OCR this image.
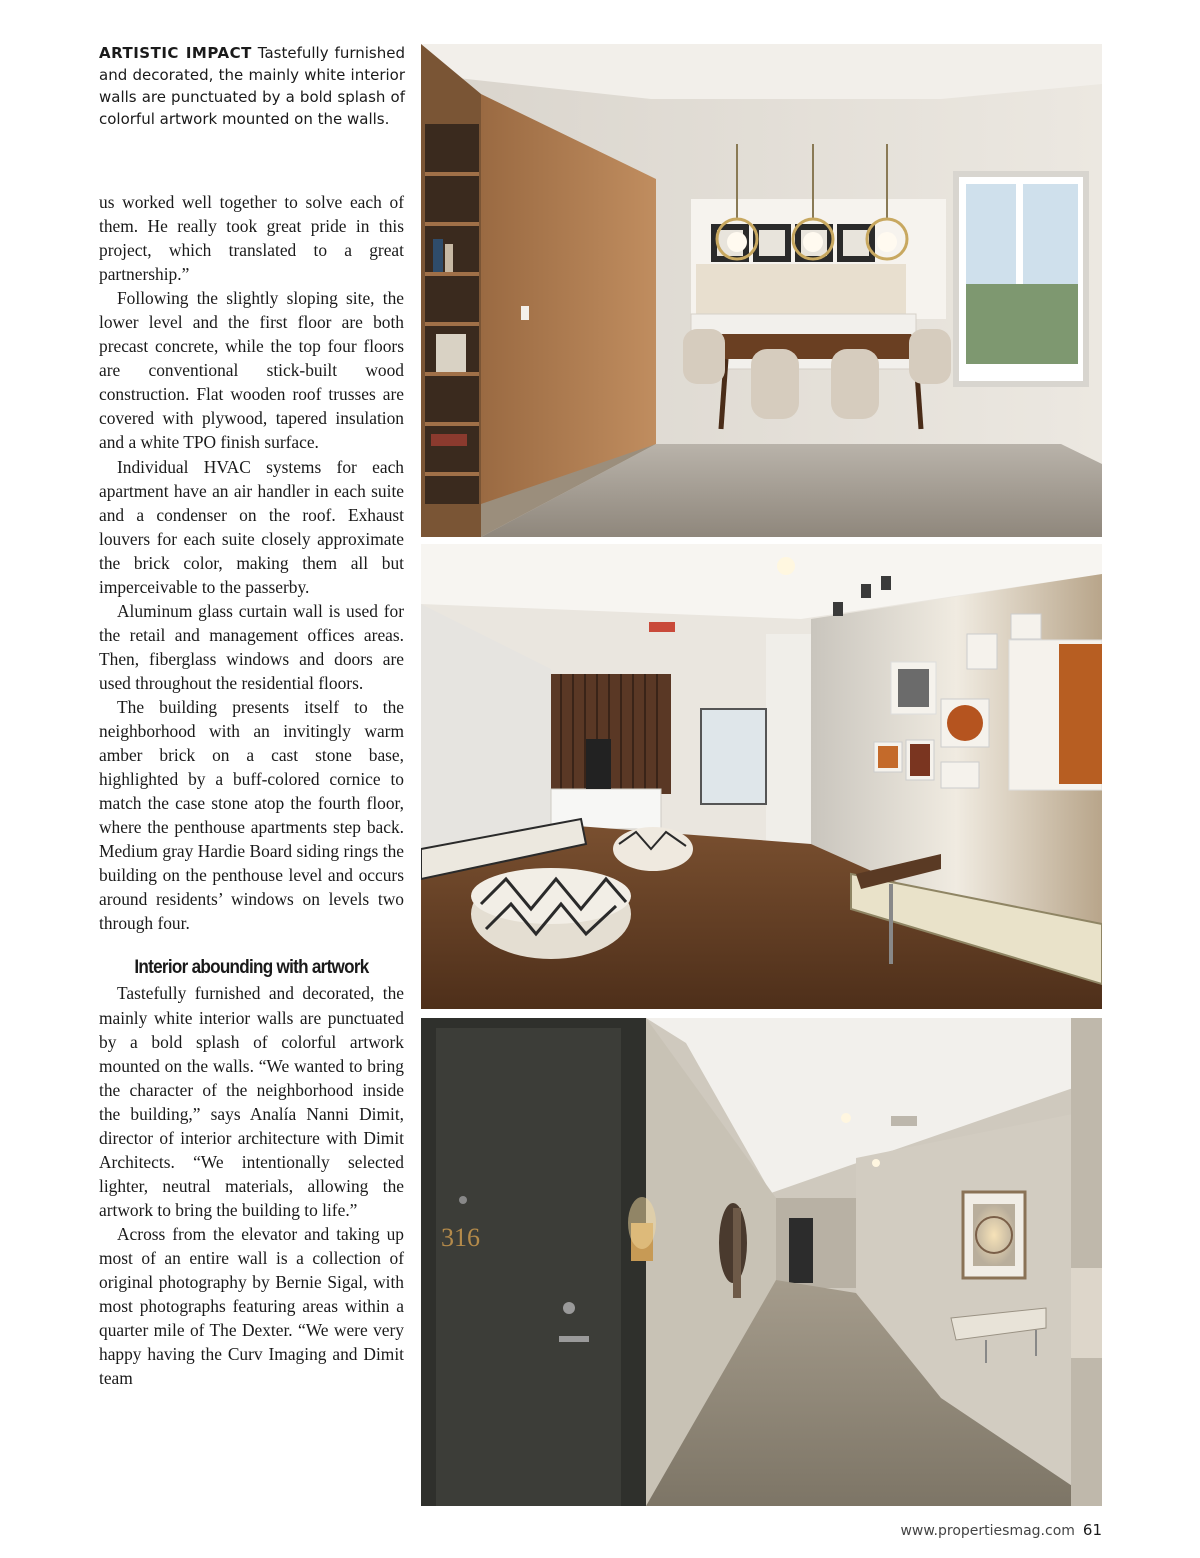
ARTISTIC IMPACT Tastefully furnished and decorated, the mainly white interior walls are punctuated by a bold splash of colorful artwork mounted on the walls.

us worked well together to solve each of them. He really took great pride in this project, which translated to a great partnership.”

Following the slightly sloping site, the lower level and the first floor are both precast concrete, while the top four floors are conventional stick-built wood construction. Flat wooden roof trusses are covered with plywood, tapered insulation and a white TPO finish surface.

Individual HVAC systems for each apartment have an air handler in each suite and a condenser on the roof. Exhaust louvers for each suite closely approximate the brick color, making them all but imperceivable to the passerby.

Aluminum glass curtain wall is used for the retail and management offices areas. Then, fiberglass windows and doors are used throughout the residential floors.

The building presents itself to the neighborhood with an invitingly warm amber brick on a cast stone base, highlighted by a buff-colored cornice to match the case stone atop the fourth floor, where the penthouse apartments step back. Medium gray Hardie Board siding rings the building on the penthouse level and occurs around residents’ windows on levels two through four.

Interior abounding with artwork

Tastefully furnished and decorated, the mainly white interior walls are punctuated by a bold splash of colorful artwork mounted on the walls. “We wanted to bring the character of the neighborhood inside the building,” says Analía Nanni Dimit, director of interior architecture with Dimit Architects. “We intentionally selected lighter, neutral materials, allowing the artwork to bring the building to life.”

Across from the elevator and taking up most of an entire wall is a collection of original photography by Bernie Sigal, with most photographs featuring areas within a quarter mile of The Dexter. “We were very happy having the Curv Imaging and Dimit team

316
www.propertiesmag.com 61
